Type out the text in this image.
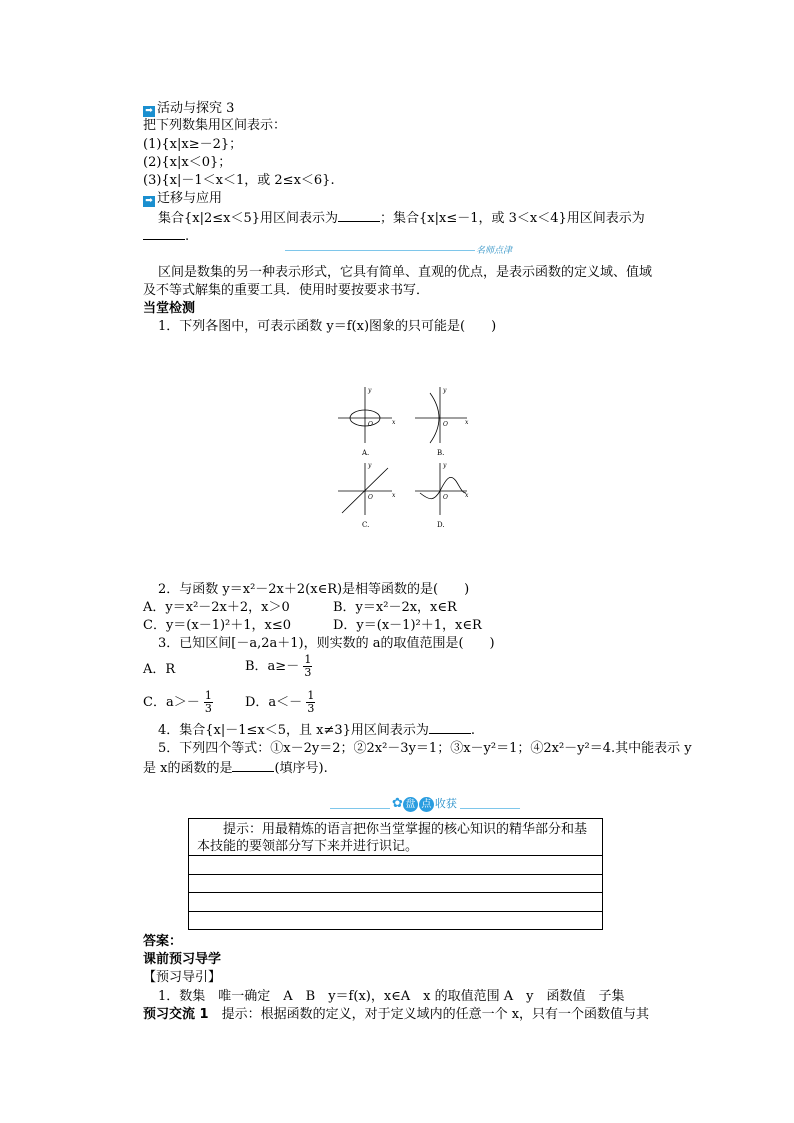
➡ 活动与探究 3
把下列数集用区间表示：
(1){x|x≥－2}；
(2){x|x＜0}；
(3){x|－1＜x＜1，或 2≤x＜6}.
➡ 迁移与应用
集合{x|2≤x＜5}用区间表示为	；集合{x|x≤－1，或 3＜x＜4}用区间表示为
.
名师点津
区间是数集的另一种表示形式，它具有简单、直观的优点，是表示函数的定义域、值域
及不等式解集的重要工具．使用时要按要求书写．
当堂检测
1．下列各图中，可表示函数 y＝f(x)图象的只可能是(　　)
y
x
O
y
x
O
y
x
O
y
x
O
A.	B.
C.	D.
2．与函数 y＝x²－2x＋2(x∈R)是相等函数的是(　　)
A．y＝x²－2x＋2，x＞0	B．y＝x²－2x，x∈R
C．y＝(x－1)²＋1，x≤0	D．y＝(x－1)²＋1，x∈R
3．已知区间[－a,2a＋1)，则实数的 a的取值范围是(　　)
A．R	B．$a\ge- \frac{1}{3}$
C．$a>- \frac{1}{3}$ D．$a<- \frac{1}{3}$
4．集合{x|－1≤x＜5，且 x≠3}用区间表示为	.
5．下列四个等式：①x－2y＝2；②2x²－3y＝1；③x－y²＝1；④2x²－y²＝4.其中能表示 y
是 x的函数的是	(填序号).
✿ 盘 点 收获
提示：用最精炼的语言把你当堂掌握的核心知识的精华部分和基本技能的要领部分写下来并进行识记。
答案：
课前预习导学
【预习导引】
1．数集　唯一确定　A　B　y＝f(x)，x∈A　x 的取值范围 A　y　函数值　子集
预习交流 1　 提示：根据函数的定义，对于定义域内的任意一个 x，只有一个函数值与其
